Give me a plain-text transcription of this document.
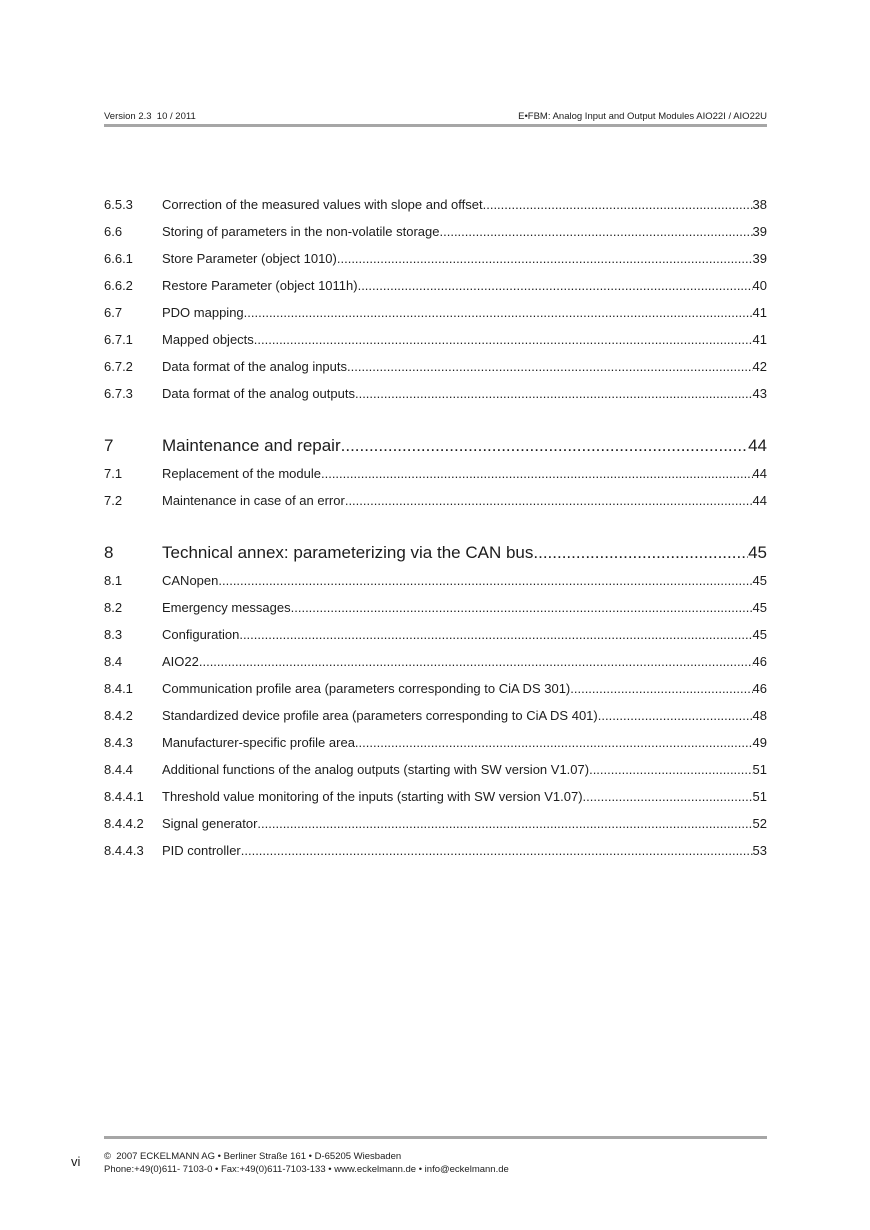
Version 2.3  10 / 2011	E•FBM: Analog Input and Output Modules AIO22I / AIO22U
6.5.3	Correction of the measured values with slope and offset .....	38
6.6	Storing of parameters in the non-volatile storage .....	39
6.6.1	Store Parameter (object 1010) .....	39
6.6.2	Restore Parameter (object 1011h) .....	40
6.7	PDO mapping .....	41
6.7.1	Mapped objects .....	41
6.7.2	Data format of the analog inputs .....	42
6.7.3	Data format of the analog outputs .....	43
7	Maintenance and repair .....	44
7.1	Replacement of the module .....	44
7.2	Maintenance in case of an error .....	44
8	Technical annex: parameterizing via the CAN bus .....	45
8.1	CANopen .....	45
8.2	Emergency messages .....	45
8.3	Configuration .....	45
8.4	AIO22 .....	46
8.4.1	Communication profile area (parameters corresponding to CiA DS 301) .....	46
8.4.2	Standardized device profile area (parameters corresponding to CiA DS 401) .....	48
8.4.3	Manufacturer-specific profile area .....	49
8.4.4	Additional functions of the analog outputs (starting with SW version V1.07) .....	51
8.4.4.1	Threshold value monitoring of the inputs (starting with SW version V1.07) .....	51
8.4.4.2	Signal generator .....	52
8.4.4.3	PID controller .....	53
vi ©  2007 ECKELMANN AG • Berliner Straße 161 • D-65205 Wiesbaden
Phone:+49(0)611- 7103-0 • Fax:+49(0)611-7103-133 • www.eckelmann.de • info@eckelmann.de
